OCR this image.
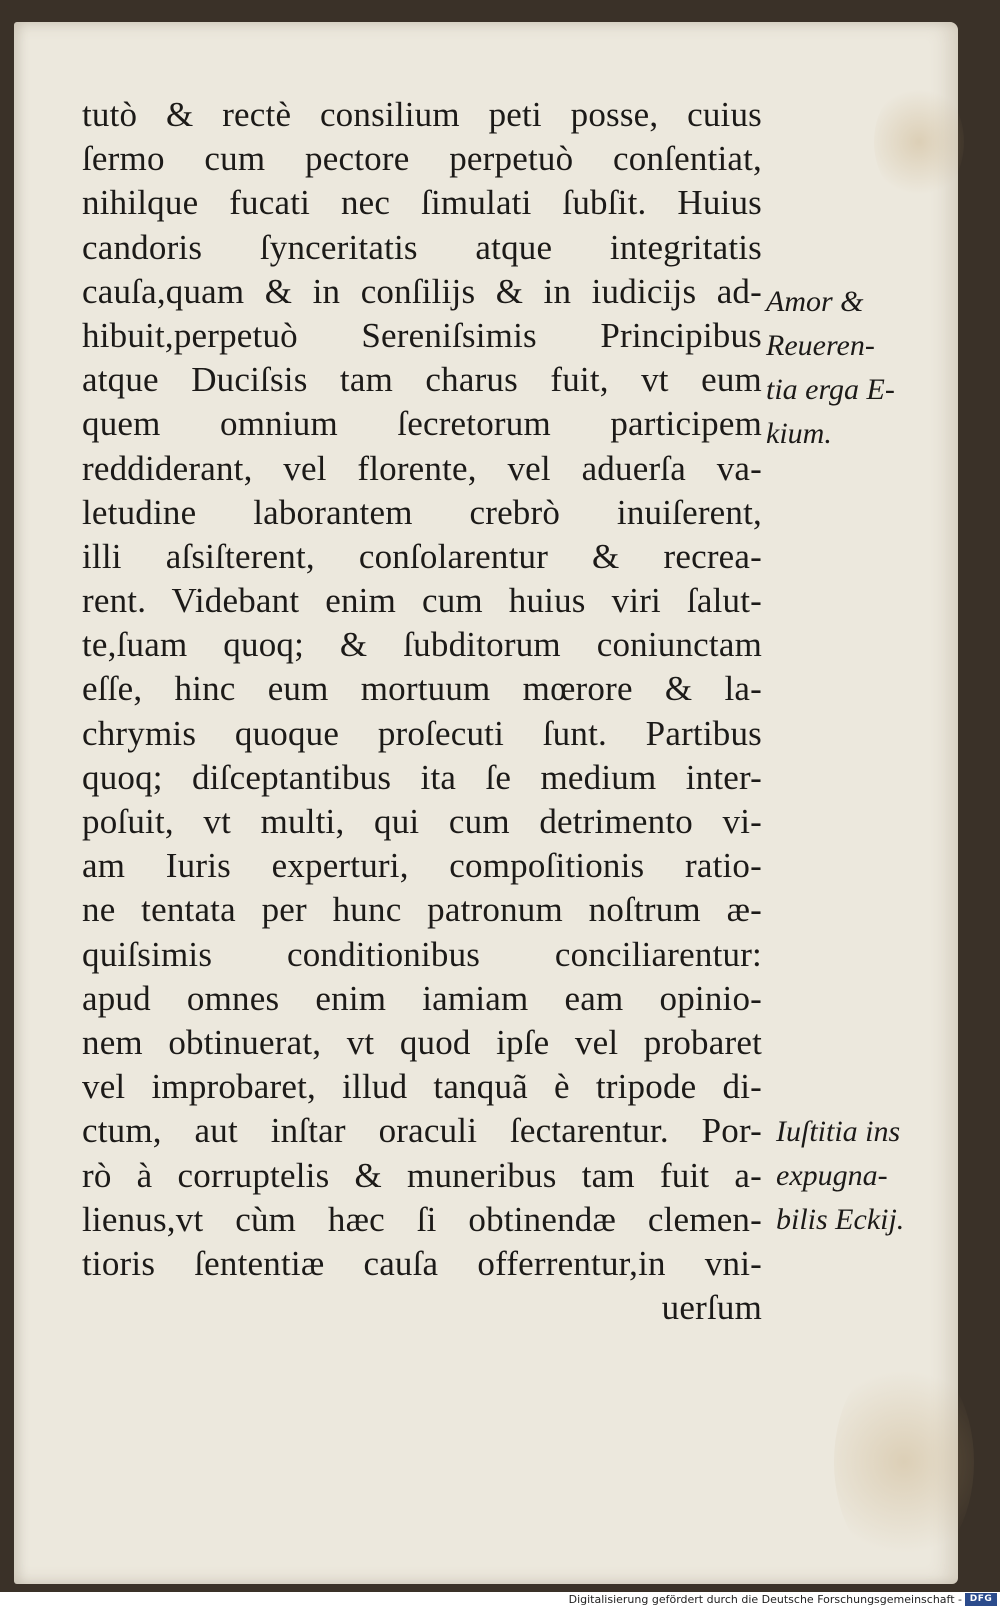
tutò & rectè consilium peti posse, cuius
ſermo cum pectore perpetuò conſentiat,
nihilque fucati nec ſimulati ſubſit. Huius
candoris ſynceritatis atque integritatis
cauſa,quam & in conſilijs & in iudicijs ad-
hibuit,perpetuò Sereniſsimis Principibus
atque Duciſsis tam charus fuit, vt eum
quem omnium ſecretorum participem
reddiderant, vel florente, vel aduerſa va-
letudine laborantem crebrò inuiſerent,
illi aſsiſterent, conſolarentur & recrea-
rent. Videbant enim cum huius viri ſalut-
te,ſuam quoq; & ſubditorum coniunctam
eſſe, hinc eum mortuum mœrore & la-
chrymis quoque proſecuti ſunt. Partibus
quoq; diſceptantibus ita ſe medium inter-
poſuit, vt multi, qui cum detrimento vi-
am Iuris experturi, compoſitionis ratio-
ne tentata per hunc patronum noſtrum æ-
quiſsimis conditionibus conciliarentur:
apud omnes enim iamiam eam opinio-
nem obtinuerat, vt quod ipſe vel probaret
vel improbaret, illud tanquã è tripode di-
ctum, aut inſtar oraculi ſectarentur. Por-
rò à corruptelis & muneribus tam fuit a-
lienus,vt cùm hæc ſi obtinendæ clemen-
tioris ſententiæ cauſa offerrentur,in vni-
uerſum
Amor &
Reueren-
tia erga E-
kium.
Iuſtitia ins
expugna-
bilis Eckij.
Digitalisierung gefördert durch die Deutsche Forschungsgemeinschaft - DFG
